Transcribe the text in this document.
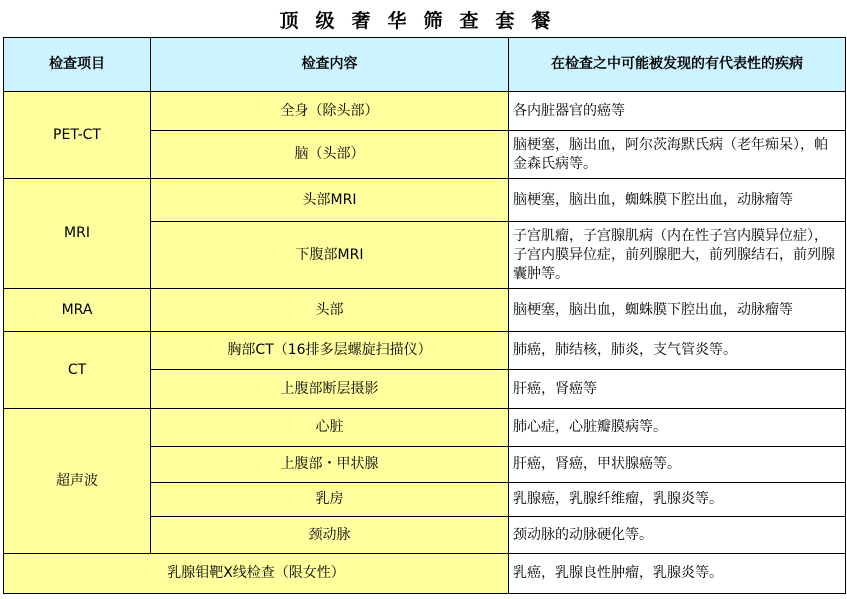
顶级奢华筛查套餐
检查项目	检查内容	在检查之中可能被发现的有代表性的疾病
PET-CT	全身（除头部）	各内脏器官的癌等
	脑（头部）	脑梗塞，脑出血，阿尔茨海默氏病（老年痴呆），帕金森氏病等。
MRI	头部MRI	脑梗塞，脑出血，蜘蛛膜下腔出血，动脉瘤等
	下腹部MRI	子宫肌瘤，子宫腺肌病（内在性子宫内膜异位症），子宫内膜异位症，前列腺肥大，前列腺结石，前列腺囊肿等。
MRA	头部	脑梗塞，脑出血，蜘蛛膜下腔出血，动脉瘤等
CT	胸部CT（16排多层螺旋扫描仪）	肺癌，肺结核，肺炎，支气管炎等。
	上腹部断层摄影	肝癌，肾癌等
超声波	心脏	肺心症，心脏瓣膜病等。
	上腹部・甲状腺	肝癌，肾癌，甲状腺癌等。
	乳房	乳腺癌，乳腺纤维瘤，乳腺炎等。
	颈动脉	颈动脉的动脉硬化等。
乳腺钼靶X线检查（限女性）		乳癌，乳腺良性肿瘤，乳腺炎等。
